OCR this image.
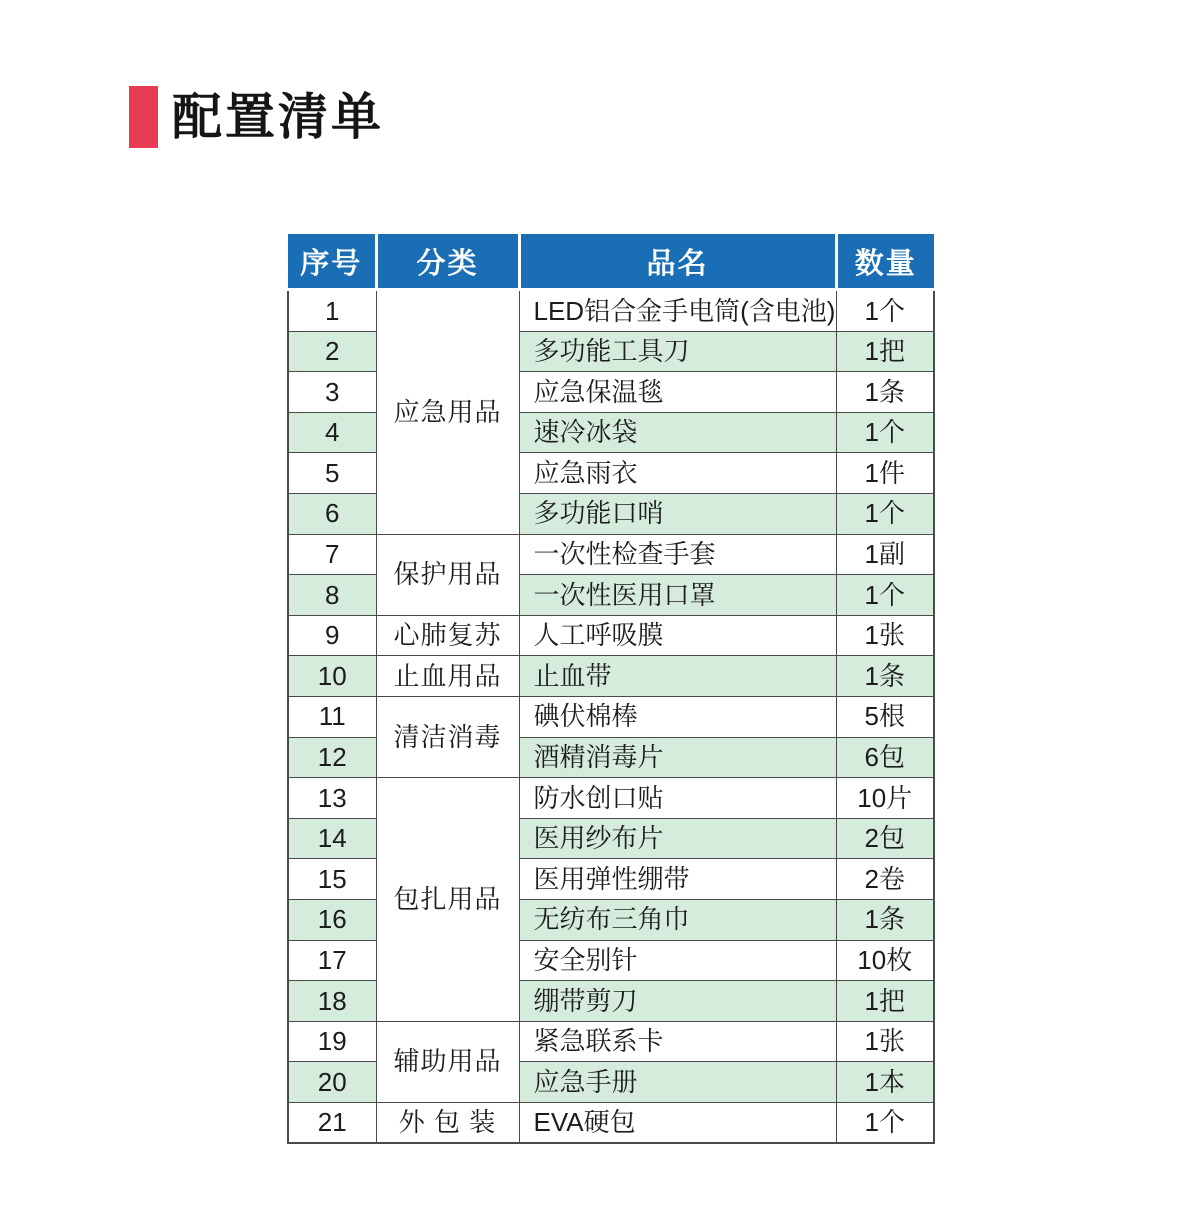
配置清单
序号	分类	品名	数量
1	应急用品	LED铝合金手电筒(含电池)	1个
2		多功能工具刀	1把
3		应急保温毯	1条
4		速冷冰袋	1个
5		应急雨衣	1件
6		多功能口哨	1个
7	保护用品	一次性检查手套	1副
8		一次性医用口罩	1个
9	心肺复苏	人工呼吸膜	1张
10	止血用品	止血带	1条
11	清洁消毒	碘伏棉棒	5根
12		酒精消毒片	6包
13	包扎用品	防水创口贴	10片
14		医用纱布片	2包
15		医用弹性绷带	2卷
16		无纺布三角巾	1条
17		安全别针	10枚
18		绷带剪刀	1把
19	辅助用品	紧急联系卡	1张
20		应急手册	1本
21	外 包 装	EVA硬包	1个
